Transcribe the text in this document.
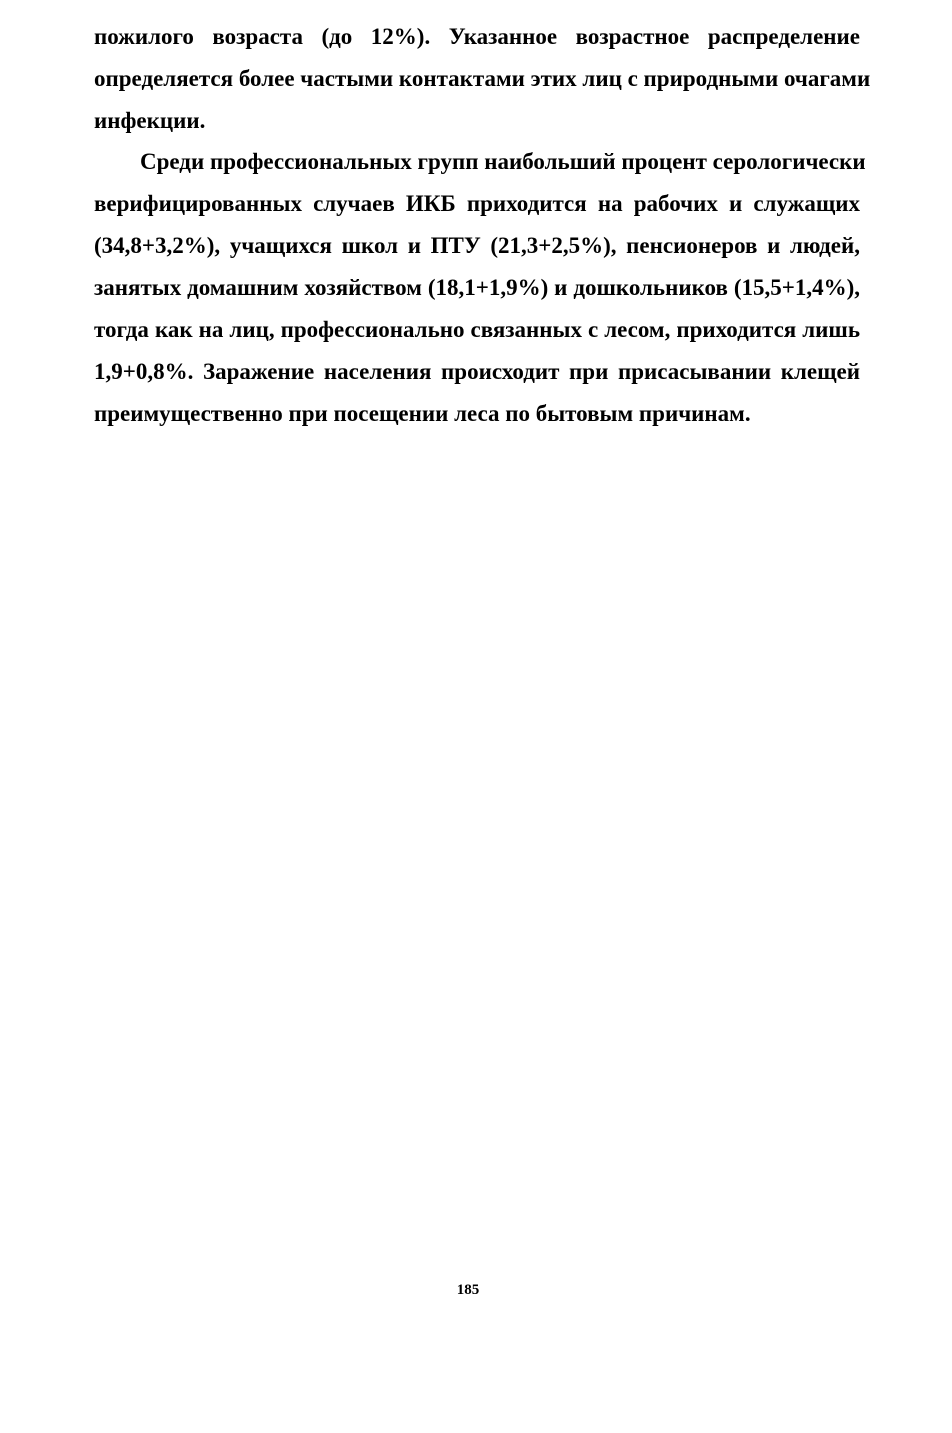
пожилого возраста (до 12%). Указанное возрастное распределение
определяется более частыми контактами этих лиц с природными очагами
инфекции.
Среди профессиональных групп наибольший процент серологически
верифицированных случаев ИКБ приходится на рабочих и служащих
(34,8+3,2%), учащихся школ и ПТУ (21,3+2,5%), пенсионеров и людей,
занятых домашним хозяйством (18,1+1,9%) и дошкольников (15,5+1,4%),
тогда как на лиц, профессионально связанных с лесом, приходится лишь
1,9+0,8%. Заражение населения происходит при присасывании клещей
преимущественно при посещении леса по бытовым причинам.
185
